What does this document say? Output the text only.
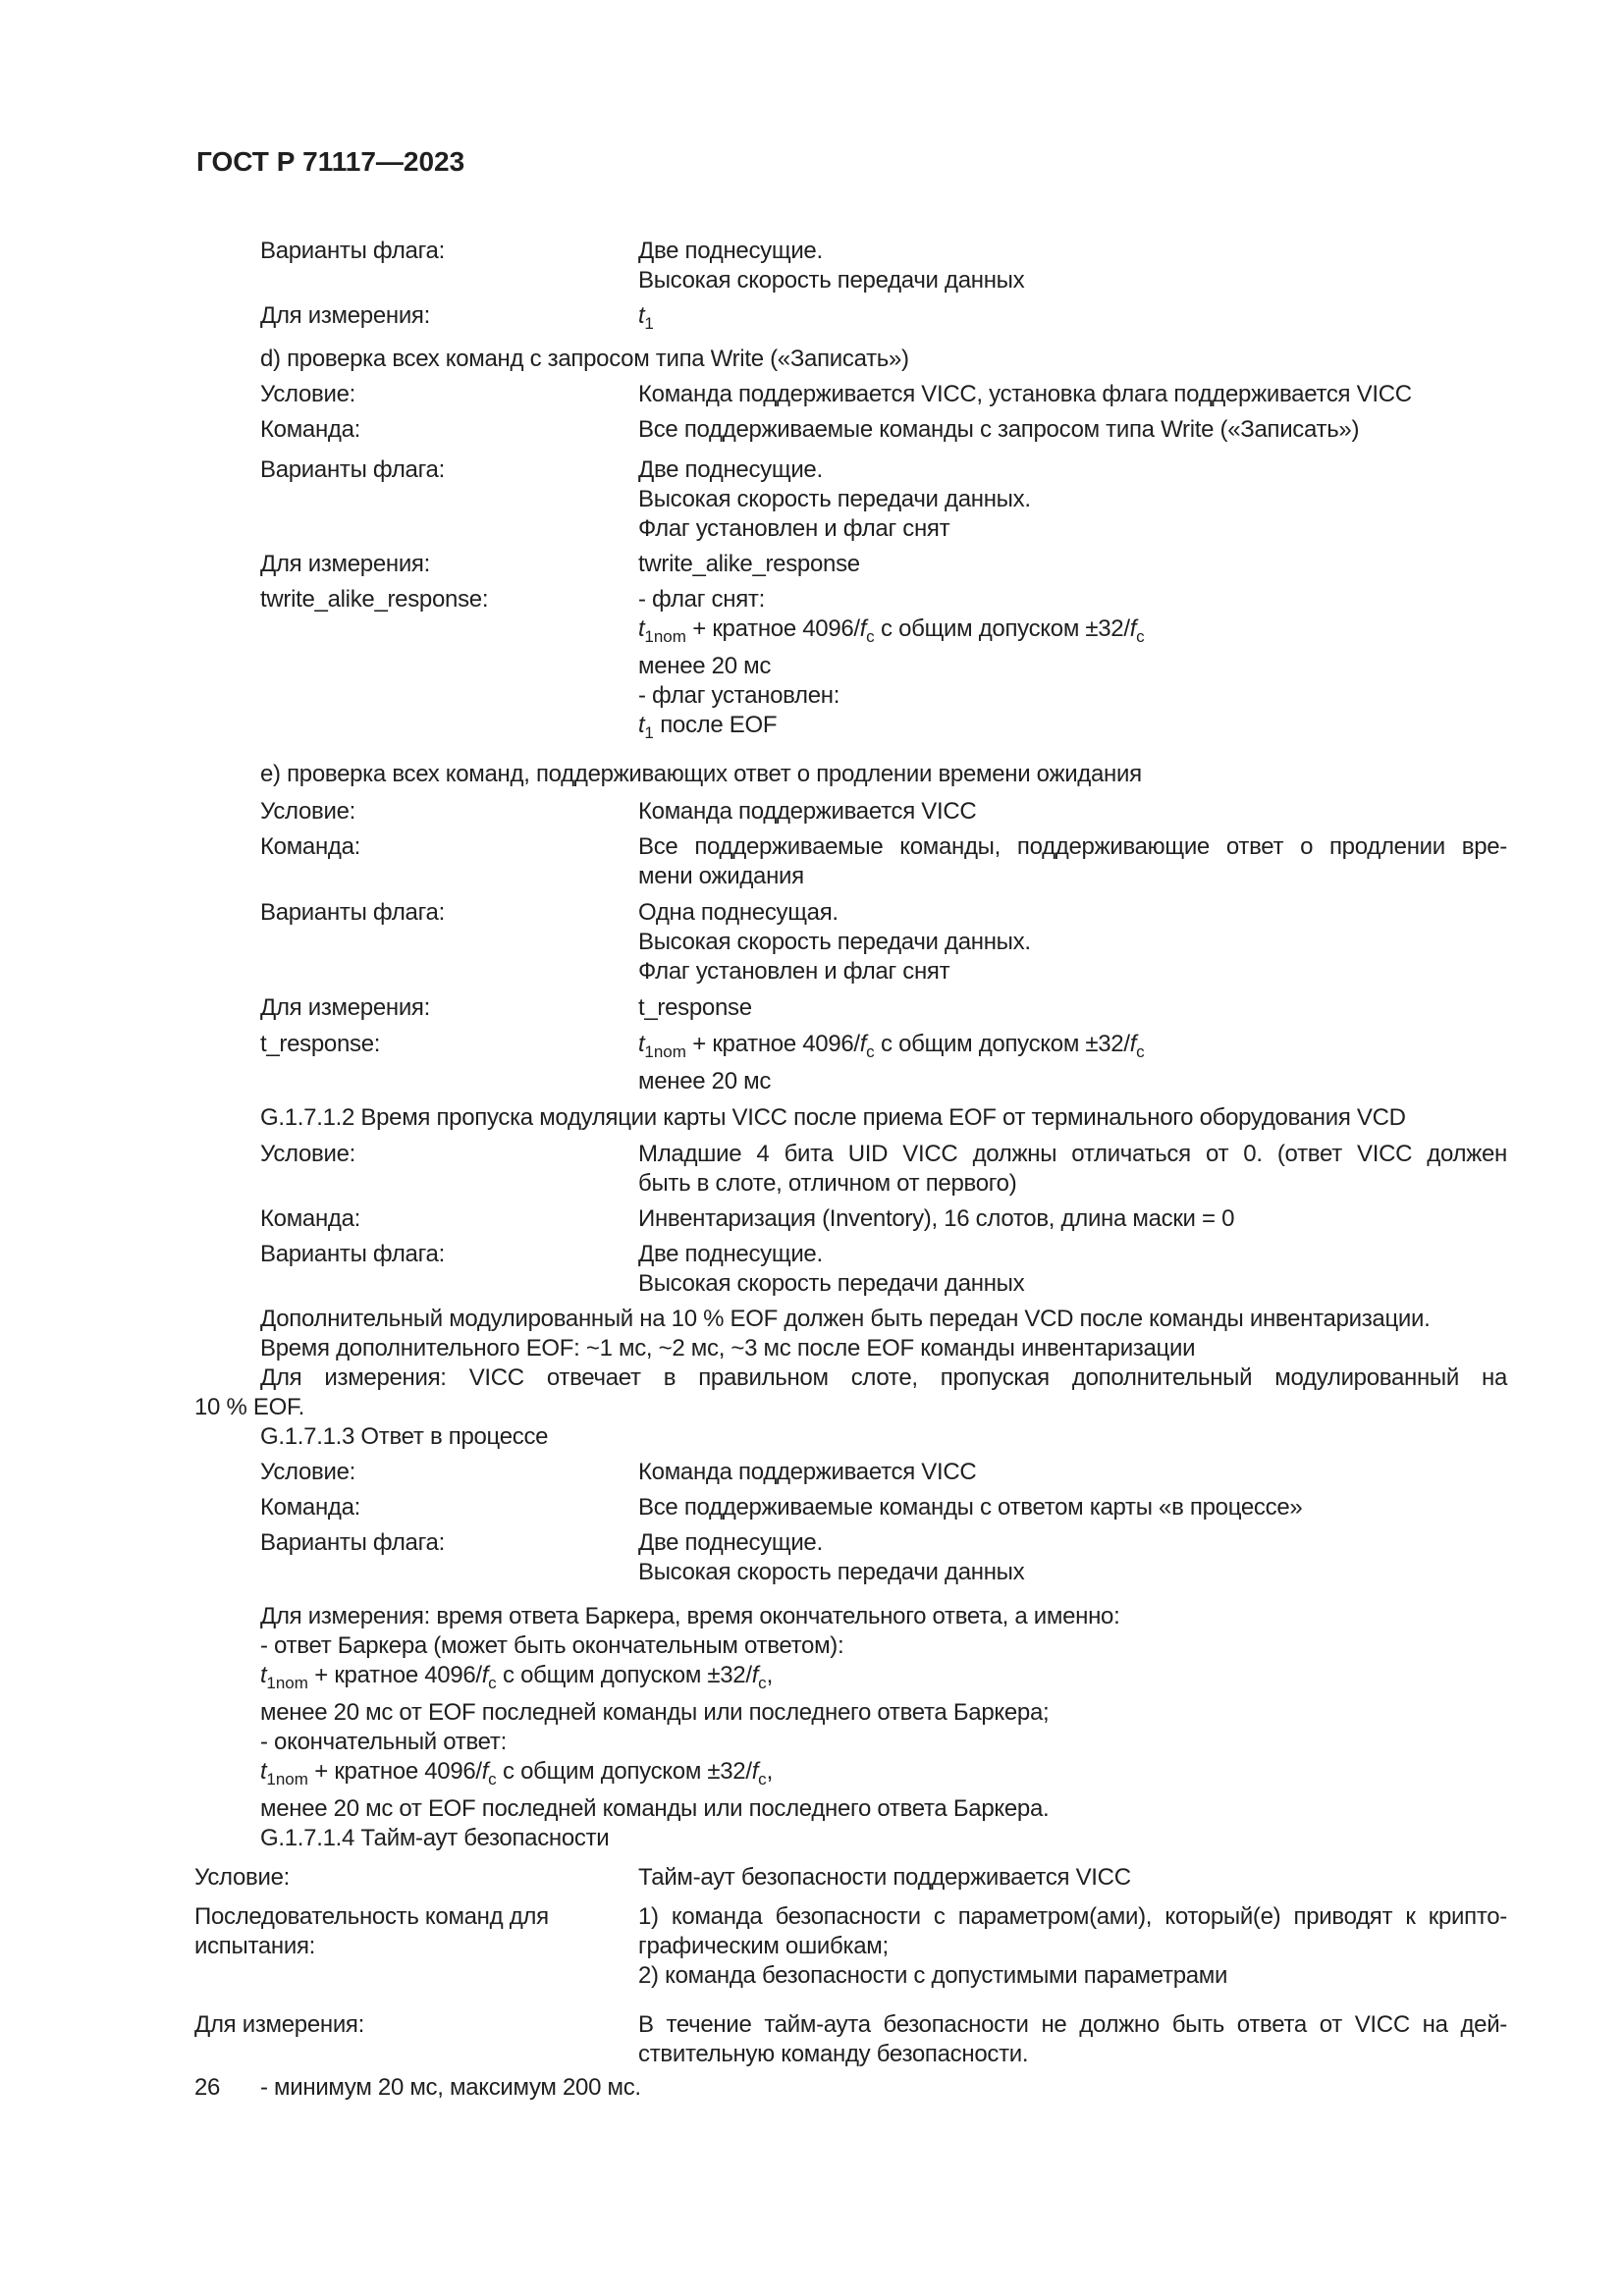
ГОСТ Р 71117—2023
Варианты флага:	Две поднесущие.
Высокая скорость передачи данных
Для измерения:	$t_1$
d) проверка всех команд с запросом типа Write («Записать»)
Условие:	Команда поддерживается VICC, установка флага поддерживается VICC
Команда:	Все поддерживаемые команды с запросом типа Write («Записать»)
Варианты флага:	Две поднесущие.
Высокая скорость передачи данных.
Флаг установлен и флаг снят
Для измерения:	twrite_alike_response
twrite_alike_response:	- флаг снят:
$t_{1nom}$ + кратное $4096/f_c$ с общим допуском $\pm 32/f_c$
менее 20 мс
- флаг установлен:
$t_1$ после EOF
e) проверка всех команд, поддерживающих ответ о продлении времени ожидания
Условие:	Команда поддерживается VICC
Команда:	Все поддерживаемые команды, поддерживающие ответ о продлении вре-
мени ожидания
Варианты флага:	Одна поднесущая.
Высокая скорость передачи данных.
Флаг установлен и флаг снят
Для измерения:	t_response
t_response:	$t_{1nom}$ + кратное $4096/f_c$ с общим допуском $\pm 32/f_c$
менее 20 мс
G.1.7.1.2 Время пропуска модуляции карты VICC после приема EOF от терминального оборудования VCD
Условие:	Младшие 4 бита UID VICC должны отличаться от 0. (ответ VICC должен
быть в слоте, отличном от первого)
Команда:	Инвентаризация (Inventory), 16 слотов, длина маски = 0
Варианты флага:	Две поднесущие.
Высокая скорость передачи данных
Дополнительный модулированный на 10 % EOF должен быть передан VCD после команды инвентаризации.
Время дополнительного EOF: ~1 мс, ~2 мс, ~3 мс после EOF команды инвентаризации
Для измерения: VICC отвечает в правильном слоте, пропуская дополнительный модулированный на
10 % EOF.
G.1.7.1.3 Ответ в процессе
Условие:	Команда поддерживается VICC
Команда:	Все поддерживаемые команды с ответом карты «в процессе»
Варианты флага:	Две поднесущие.
Высокая скорость передачи данных
Для измерения: время ответа Баркера, время окончательного ответа, а именно:
- ответ Баркера (может быть окончательным ответом):
$t_{1nom}$ + кратное $4096/f_c$ с общим допуском $\pm 32/f_c$,
менее 20 мс от EOF последней команды или последнего ответа Баркера;
- окончательный ответ:
$t_{1nom}$ + кратное $4096/f_c$ с общим допуском $\pm 32/f_c$,
менее 20 мс от EOF последней команды или последнего ответа Баркера.
G.1.7.1.4 Тайм-аут безопасности
Условие:	Тайм-аут безопасности поддерживается VICC
Последовательность команд для
испытания:
1) команда безопасности с параметром(ами), который(е) приводят к крипто-
графическим ошибкам;
2) команда безопасности с допустимыми параметрами
Для измерения:	В течение тайм-аута безопасности не должно быть ответа от VICC на дей-
ствительную команду безопасности.
- минимум 20 мс, максимум 200 мс.
26
